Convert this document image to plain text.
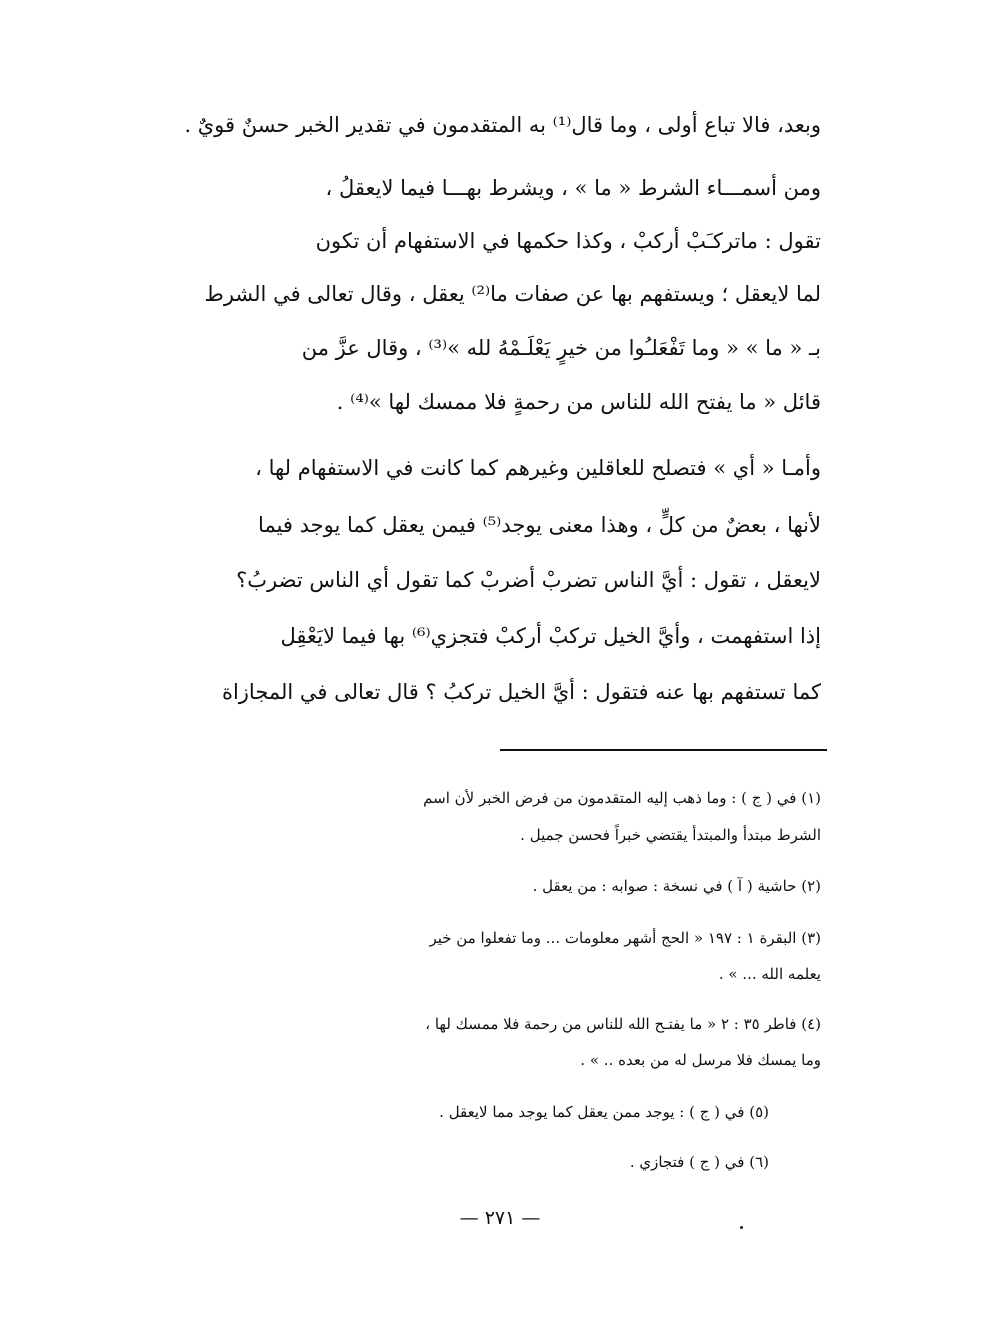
وبعد، فالا تباع أولى ، وما قال⁽¹⁾ به المتقدمون في تقدير الخبر حسنٌ قويٌ .
ومن أسمـــاء الشرط « ما » ، ويشرط بهـــا فيما لايعقلُ ،
تقول : ماتركـَبْ أركبْ ، وكذا حكمها في الاستفهام أن تكون
لما لايعقل ؛ ويستفهم بها عن صفات ما⁽²⁾ يعقل ، وقال تعالى في الشرط
بـ « ما » « وما تَفْعَلـُوا من خيرٍ يَعْلَـمْهُ لله »⁽³⁾ ، وقال عزَّ من
قائل « ما يفتح الله للناس من رحمةٍ فلا ممسك لها »⁽⁴⁾ .
وأمـا « أي » فتصلح للعاقلين وغيرهم كما كانت في الاستفهام لها ،
لأنها ، بعضٌ من كلٍّ ، وهذا معنى يوجد⁽⁵⁾ فيمن يعقل كما يوجد فيما
لايعقل ، تقول : أيَّ الناس تضربْ أضربْ كما تقول أي الناس تضربُ؟
إذا استفهمت ، وأيَّ الخيل تركبْ أركبْ فتجزي⁽⁶⁾ بها فيما لايَعْقِل
كما تستفهم بها عنه فتقول : أيَّ الخيل تركبُ ؟ قال تعالى في المجازاة
(١) في ( ج ) : وما ذهب إليه المتقدمون من فرض الخبر لأن اسم
الشرط مبتدأ والمبتدأ يقتضي خبراً فحسن جميل .
(٢) حاشية ( آ ) في نسخة : صوابه : من يعقل .
(٣) البقرة ١ : ١٩٧ « الحج أشهر معلومات ... وما تفعلوا من خير
يعلمه الله ... » .
(٤) فاطر ٣٥ : ٢ « ما يفتـح الله للناس من رحمة فلا ممسك لها ،
وما يمسك فلا مرسل له من بعده .. » .
(٥) في ( ج ) : يوجد ممن يعقل كما يوجد مما لايعقل .
(٦) في ( ج ) فتجازي .
— ٢٧١ —
